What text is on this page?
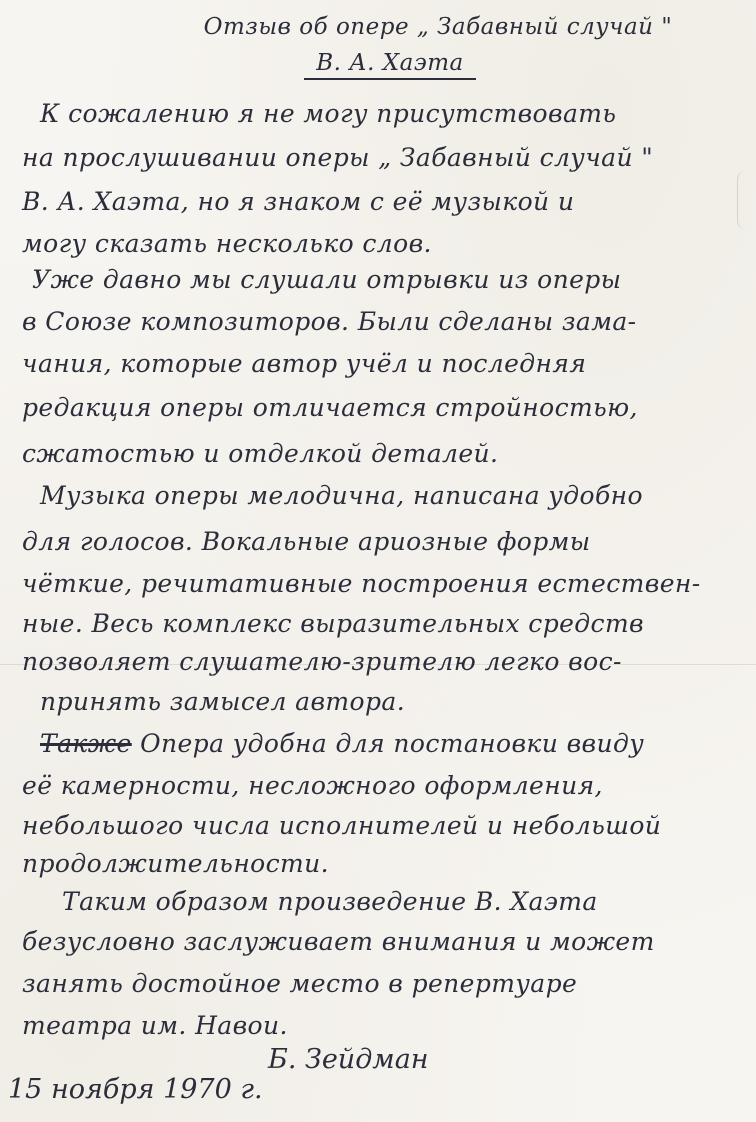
Отзыв об опере „ Забавный случай "
В. А. Хаэта
К сожалению я не могу присутствовать
на прослушивании оперы „ Забавный случай "
В. А. Хаэта, но я знаком с её музыкой и
могу сказать несколько слов.
Уже давно мы слушали отрывки из оперы
в Союзе композиторов. Были сделаны зама-
чания, которые автор учёл и последняя
редакция оперы отличается стройностью,
сжатостью и отделкой деталей.
Музыка оперы мелодична, написана удобно
для голосов. Вокальные ариозные формы
чёткие, речитативные построения естествен-
ные. Весь комплекс выразительных средств
позволяет слушателю-зрителю легко вос-
принять замысел автора.
Также Опера удобна для постановки ввиду
её камерности, несложного оформления,
небольшого числа исполнителей и небольшой
продолжительности.
Таким образом произведение В. Хаэта
безусловно заслуживает внимания и может
занять достойное место в репертуаре
театра им. Навои.
Б. Зейдман
15 ноября 1970 г.
